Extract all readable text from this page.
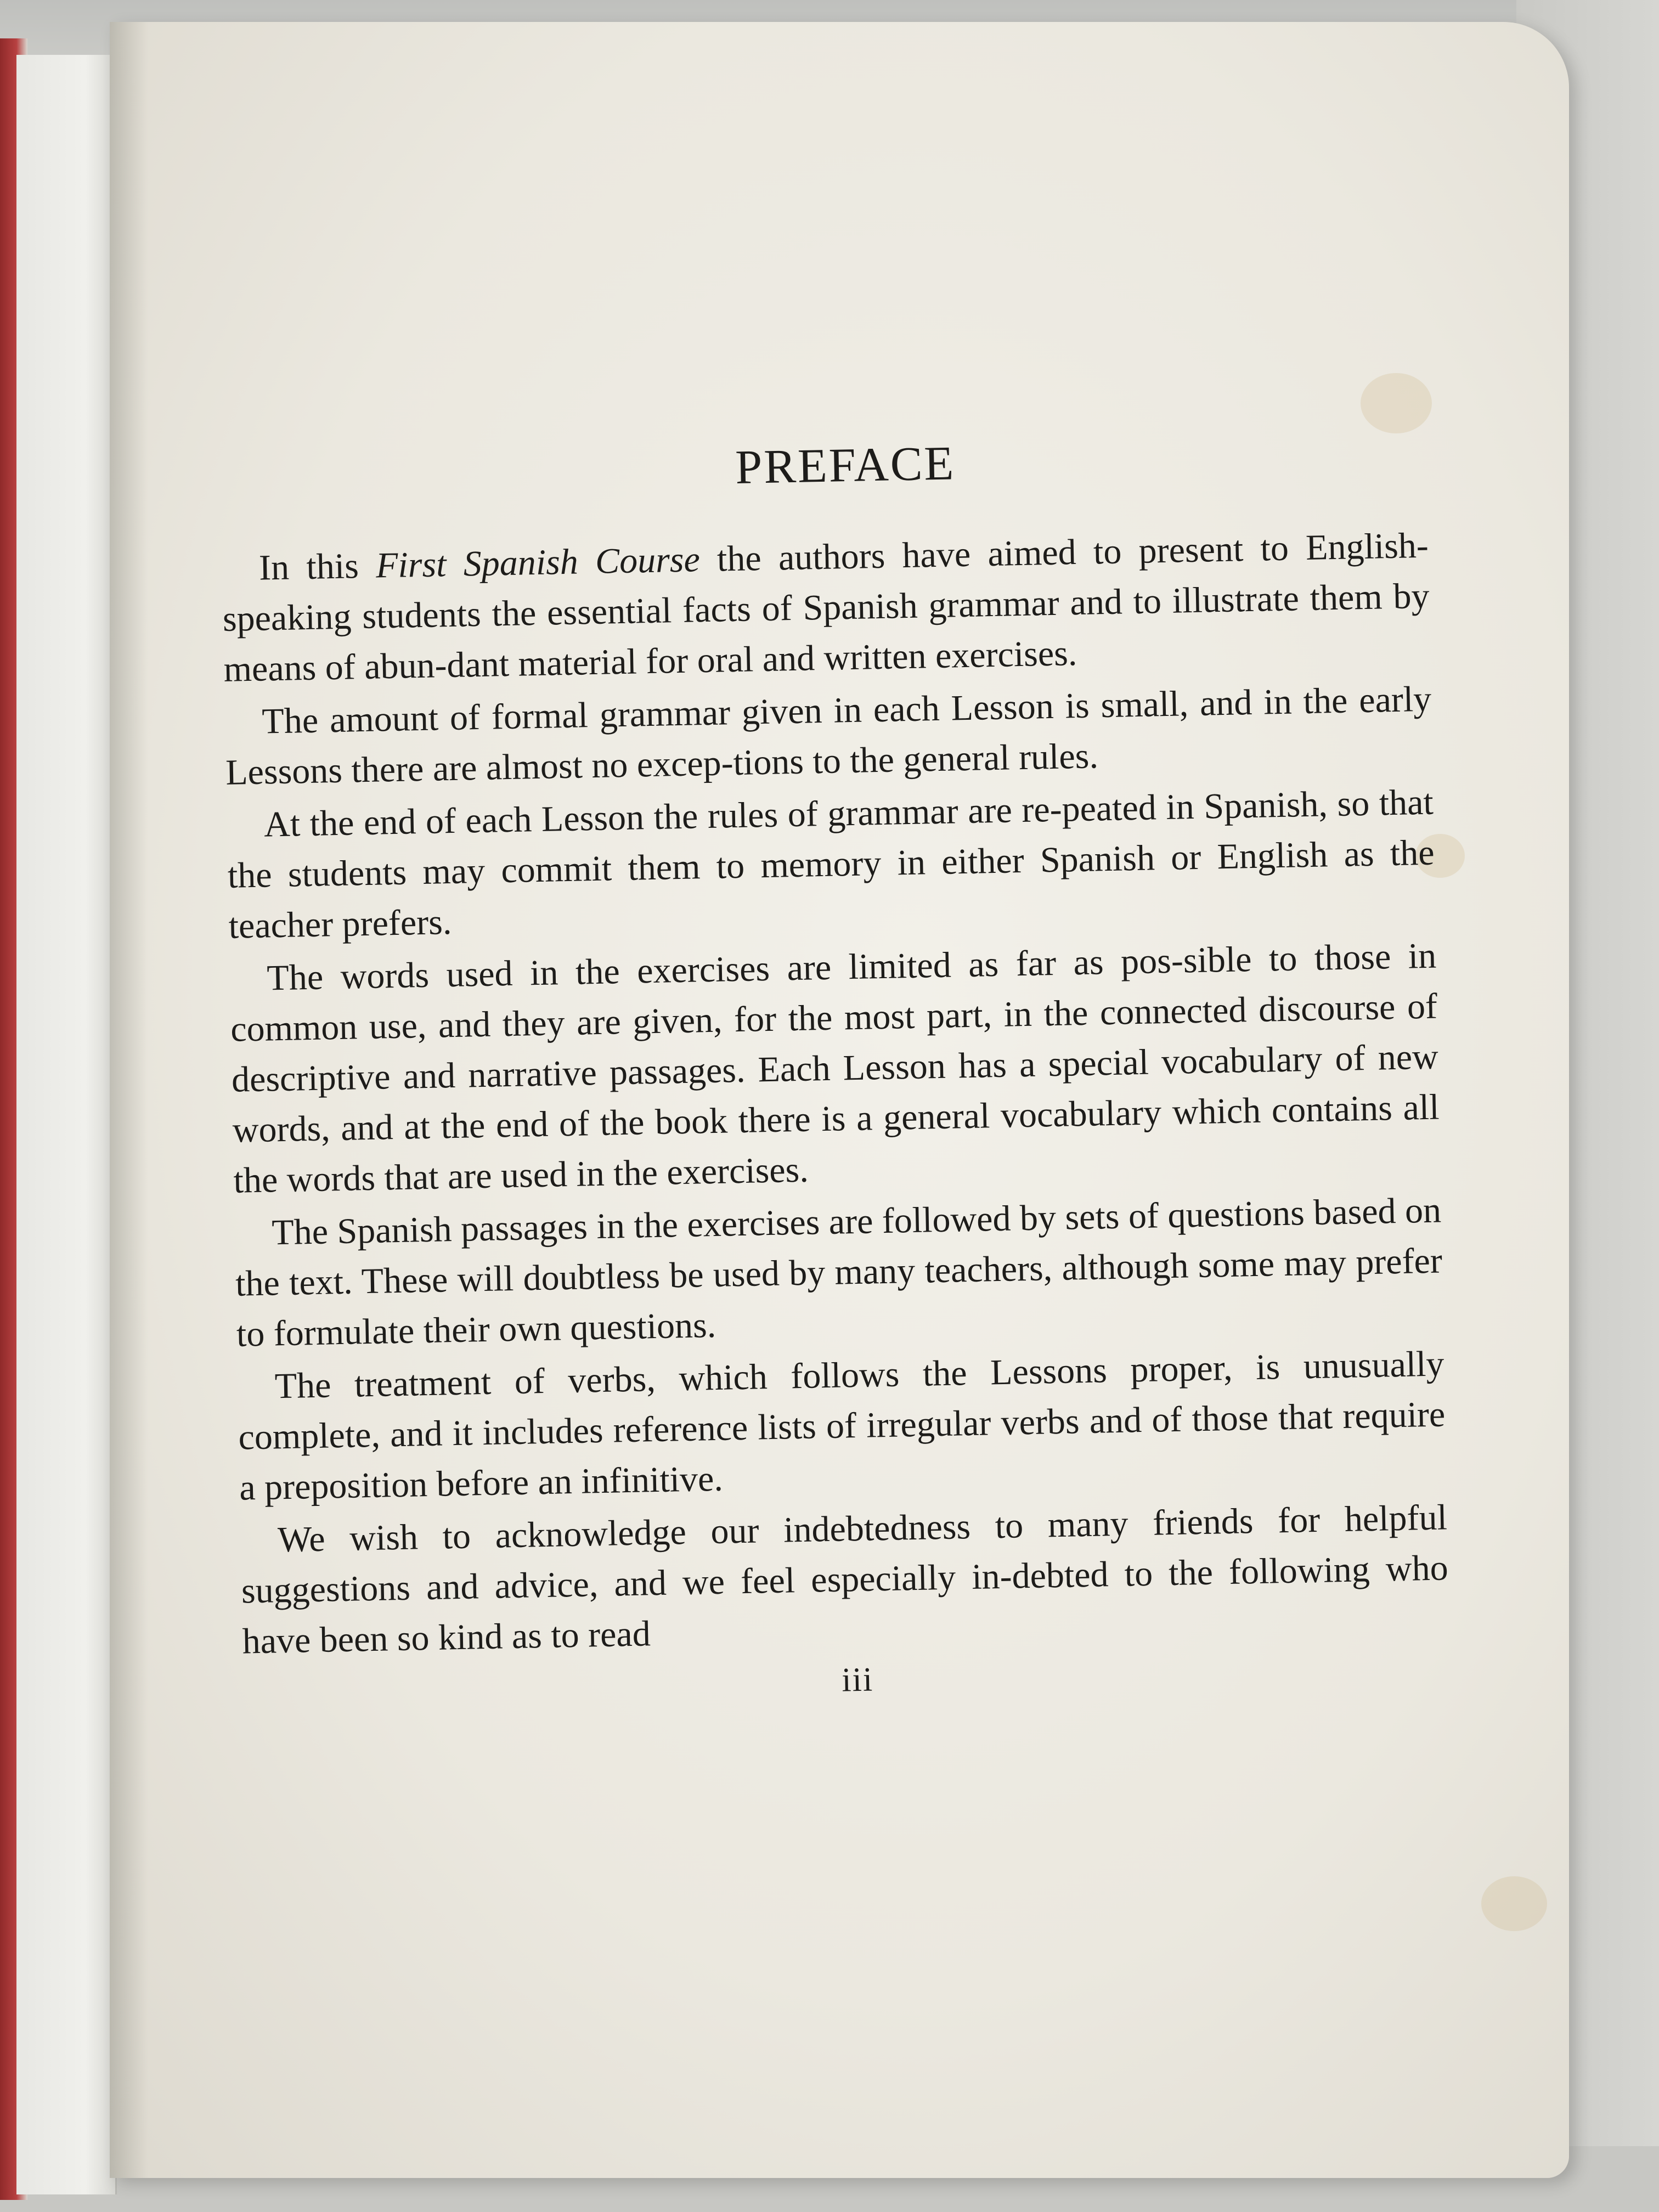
PREFACE

In this First Spanish Course the authors have aimed to present to English-speaking students the essential facts of Spanish grammar and to illustrate them by means of abun-dant material for oral and written exercises.

The amount of formal grammar given in each Lesson is small, and in the early Lessons there are almost no excep-tions to the general rules.

At the end of each Lesson the rules of grammar are re-peated in Spanish, so that the students may commit them to memory in either Spanish or English as the teacher prefers.

The words used in the exercises are limited as far as pos-sible to those in common use, and they are given, for the most part, in the connected discourse of descriptive and narrative passages. Each Lesson has a special vocabulary of new words, and at the end of the book there is a general vocabulary which contains all the words that are used in the exercises.

The Spanish passages in the exercises are followed by sets of questions based on the text. These will doubtless be used by many teachers, although some may prefer to formulate their own questions.

The treatment of verbs, which follows the Lessons proper, is unusually complete, and it includes reference lists of irregular verbs and of those that require a preposition before an infinitive.

We wish to acknowledge our indebtedness to many friends for helpful suggestions and advice, and we feel especially in-debted to the following who have been so kind as to read

iii
